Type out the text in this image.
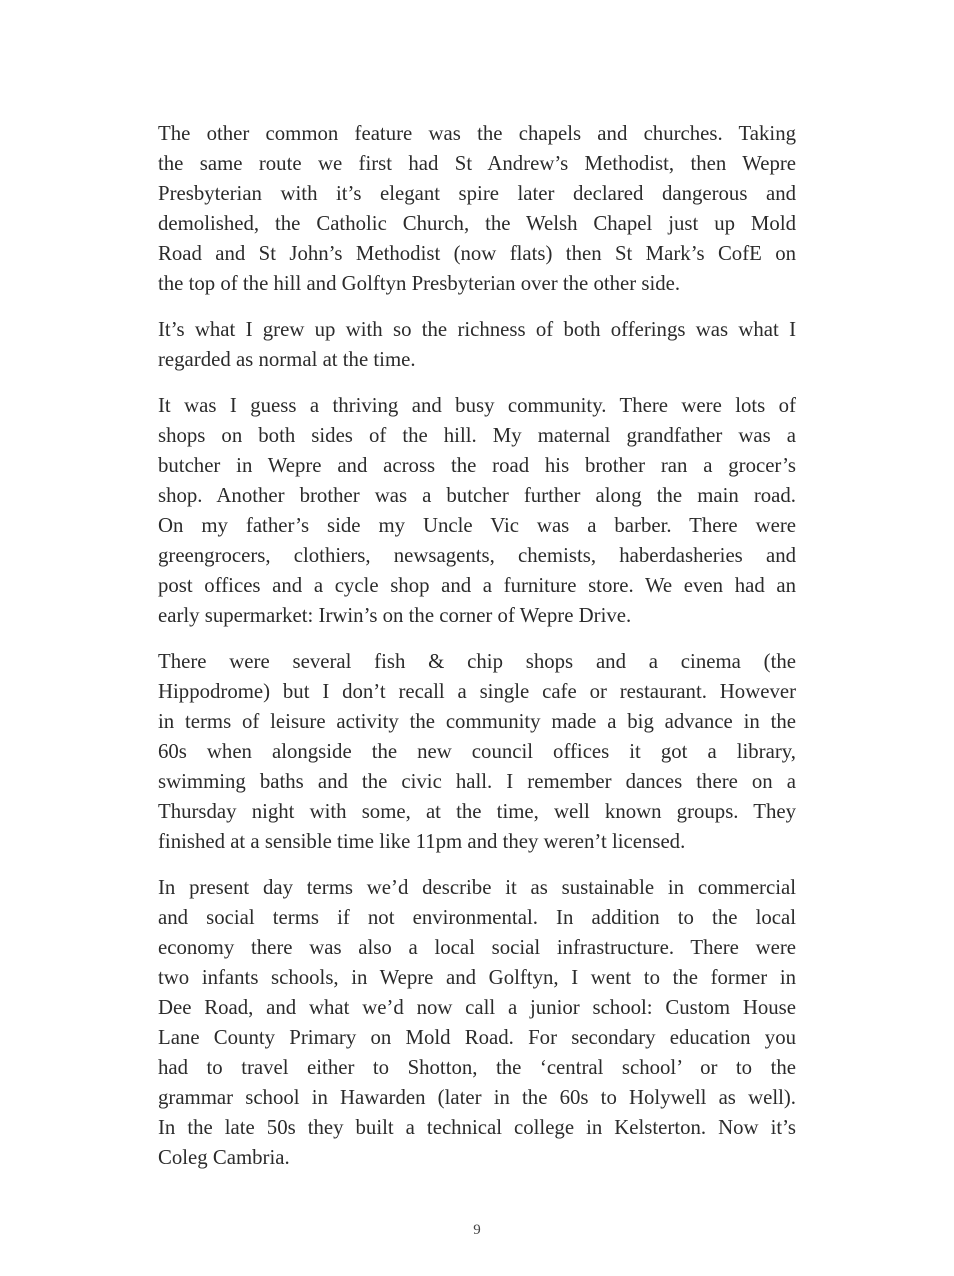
The other common feature was the chapels and churches. Taking
the same route we first had St Andrew’s Methodist, then Wepre
Presbyterian with it’s elegant spire later declared dangerous and
demolished, the Catholic Church, the Welsh Chapel just up Mold
Road and St John’s Methodist (now flats) then St Mark’s CofE on
the top of the hill and Golftyn Presbyterian over the other side.
It’s what I grew up with so the richness of both offerings was what I
regarded as normal at the time.
It was I guess a thriving and busy community. There were lots of
shops on both sides of the hill. My maternal grandfather was a
butcher in Wepre and across the road his brother ran a grocer’s
shop. Another brother was a butcher further along the main road.
On my father’s side my Uncle Vic was a barber. There were
greengrocers, clothiers, newsagents, chemists, haberdasheries and
post offices and a cycle shop and a furniture store. We even had an
early supermarket: Irwin’s on the corner of Wepre Drive.
There were several fish & chip shops and a cinema (the
Hippodrome) but I don’t recall a single cafe or restaurant. However
in terms of leisure activity the community made a big advance in the
60s when alongside the new council offices it got a library,
swimming baths and the civic hall. I remember dances there on a
Thursday night with some, at the time, well known groups. They
finished at a sensible time like 11pm and they weren’t licensed.
In present day terms we’d describe it as sustainable in commercial
and social terms if not environmental. In addition to the local
economy there was also a local social infrastructure. There were
two infants schools, in Wepre and Golftyn, I went to the former in
Dee Road, and what we’d now call a junior school: Custom House
Lane County Primary on Mold Road. For secondary education you
had to travel either to Shotton, the ‘central school’ or to the
grammar school in Hawarden (later in the 60s to Holywell as well).
In the late 50s they built a technical college in Kelsterton. Now it’s
Coleg Cambria.
9
